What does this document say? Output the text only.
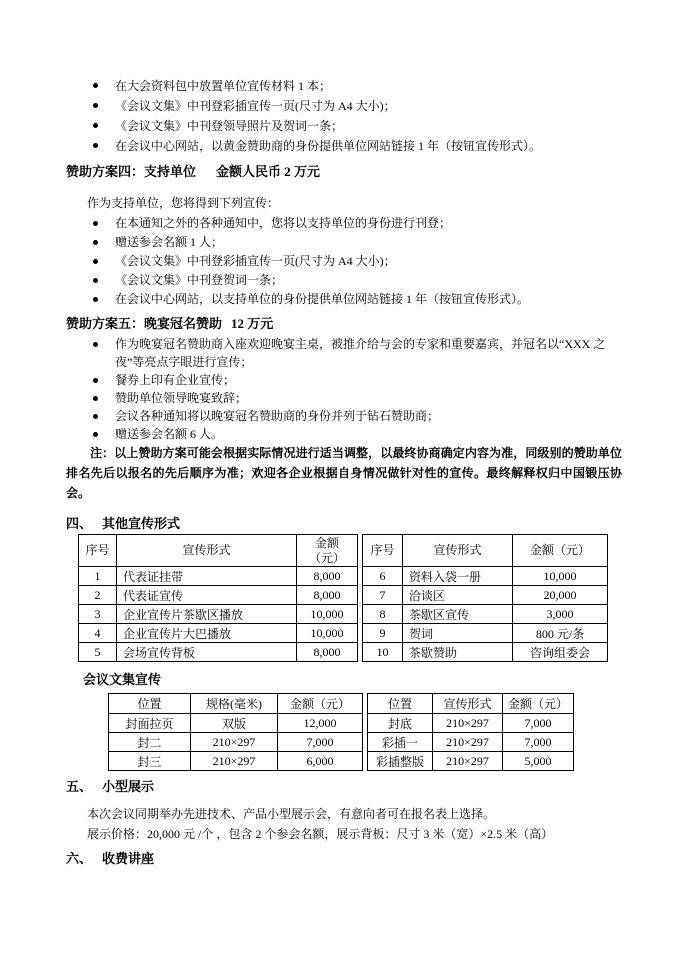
在大会资料包中放置单位宣传材料 1 本；
《会议文集》中刊登彩插宣传一页(尺寸为 A4 大小)；
《会议文集》中刊登领导照片及贺词一条；
在会议中心网站，以黄金赞助商的身份提供单位网站链接 1 年（按钮宣传形式）。
赞助方案四：支持单位 金额人民币 2 万元

作为支持单位，您将得到下列宣传：

在本通知之外的各种通知中，您将以支持单位的身份进行刊登；
赠送参会名额 1 人；
《会议文集》中刊登彩插宣传一页(尺寸为 A4 大小)；
《会议文集》中刊登贺词一条；
在会议中心网站，以支持单位的身份提供单位网站链接 1 年（按钮宣传形式）。
赞助方案五：晚宴冠名赞助 12 万元
作为晚宴冠名赞助商入座欢迎晚宴主桌，被推介给与会的专家和重要嘉宾，并冠名以“XXX 之夜”等亮点字眼进行宣传；
餐券上印有企业宣传；
赞助单位领导晚宴致辞；
会议各种通知将以晚宴冠名赞助商的身份并列于钻石赞助商；
赠送参会名额 6 人。

注：以上赞助方案可能会根据实际情况进行适当调整，以最终协商确定内容为准，同级别的赞助单位排名先后以报名的先后顺序为准；欢迎各企业根据自身情况做针对性的宣传。最终解释权归中国锻压协会。

四、 其他宣传形式
序号	宣传形式	金额（元）
1	代表证挂带	8,000
2	代表证宣传	8,000
3	企业宣传片茶歇区播放	10,000
4	企业宣传片大巴播放	10,000
5	会场宣传背板	8,000
序号	宣传形式	金额（元）
6	资料入袋一册	10,000
7	洽谈区	20,000
8	茶歇区宣传	3,000
9	贺词	800 元/条
10	茶歇赞助	咨询组委会
会议文集宣传
位置	规格(毫米)	金额（元）
封面拉页	双版	12,000
封二	210×297	7,000
封三	210×297	6,000
位置	宣传形式	金额（元）
封底	210×297	7,000
彩插一	210×297	7,000
彩插整版	210×297	5,000
五、 小型展示
本次会议同期举办先进技术、产品小型展示会，有意向者可在报名表上选择。
展示价格：20,000 元 /个 ，包含 2 个参会名额，展示背板：尺寸 3 米（宽）×2.5 米（高）
六、 收费讲座
